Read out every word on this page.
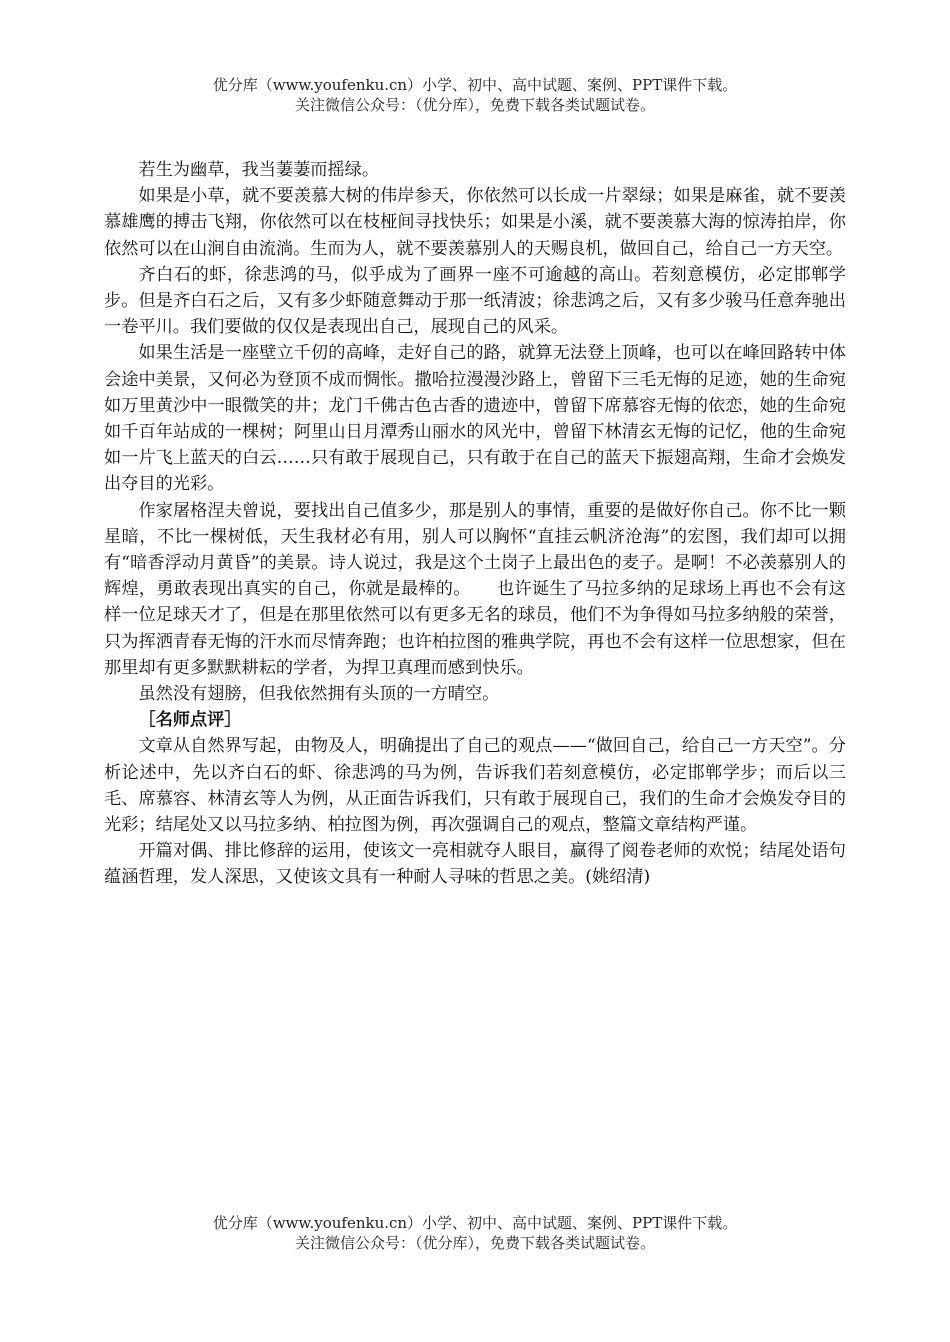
优分库（www.youfenku.cn）小学、初中、高中试题、案例、PPT课件下载。
关注微信公众号：（优分库），免费下载各类试题试卷。

若生为幽草，我当萋萋而摇绿。

如果是小草，就不要羡慕大树的伟岸参天，你依然可以长成一片翠绿；如果是麻雀，就不要羡慕雄鹰的搏击飞翔，你依然可以在枝桠间寻找快乐；如果是小溪，就不要羡慕大海的惊涛拍岸，你依然可以在山涧自由流淌。生而为人，就不要羡慕别人的天赐良机，做回自己，给自己一方天空。

齐白石的虾，徐悲鸿的马，似乎成为了画界一座不可逾越的高山。若刻意模仿，必定邯郸学步。但是齐白石之后，又有多少虾随意舞动于那一纸清波；徐悲鸿之后，又有多少骏马任意奔驰出一卷平川。我们要做的仅仅是表现出自己，展现自己的风采。

如果生活是一座壁立千仞的高峰，走好自己的路，就算无法登上顶峰，也可以在峰回路转中体会途中美景，又何必为登顶不成而惆怅。撒哈拉漫漫沙路上，曾留下三毛无悔的足迹，她的生命宛如万里黄沙中一眼微笑的井；龙门千佛古色古香的遗迹中，曾留下席慕容无悔的依恋，她的生命宛如千百年站成的一棵树；阿里山日月潭秀山丽水的风光中，曾留下林清玄无悔的记忆，他的生命宛如一片飞上蓝天的白云……只有敢于展现自己，只有敢于在自己的蓝天下振翅高翔，生命才会焕发出夺目的光彩。

作家屠格涅夫曾说，要找出自己值多少，那是别人的事情，重要的是做好你自己。你不比一颗星暗，不比一棵树低，天生我材必有用，别人可以胸怀“直挂云帆济沧海”的宏图，我们却可以拥有“暗香浮动月黄昏”的美景。诗人说过，我是这个土岗子上最出色的麦子。是啊！不必羡慕别人的辉煌，勇敢表现出真实的自己，你就是最棒的。　　也许诞生了马拉多纳的足球场上再也不会有这样一位足球天才了，但是在那里依然可以有更多无名的球员，他们不为争得如马拉多纳般的荣誉，只为挥洒青春无悔的汗水而尽情奔跑；也许柏拉图的雅典学院，再也不会有这样一位思想家，但在那里却有更多默默耕耘的学者，为捍卫真理而感到快乐。

虽然没有翅膀，但我依然拥有头顶的一方晴空。

［名师点评］

文章从自然界写起，由物及人，明确提出了自己的观点——“做回自己，给自己一方天空”。分析论述中，先以齐白石的虾、徐悲鸿的马为例，告诉我们若刻意模仿，必定邯郸学步；而后以三毛、席慕容、林清玄等人为例，从正面告诉我们，只有敢于展现自己，我们的生命才会焕发夺目的光彩；结尾处又以马拉多纳、柏拉图为例，再次强调自己的观点，整篇文章结构严谨。

开篇对偶、排比修辞的运用，使该文一亮相就夺人眼目，赢得了阅卷老师的欢悦；结尾处语句蕴涵哲理，发人深思，又使该文具有一种耐人寻味的哲思之美。(姚绍清)

优分库（www.youfenku.cn）小学、初中、高中试题、案例、PPT课件下载。
关注微信公众号：（优分库），免费下载各类试题试卷。
